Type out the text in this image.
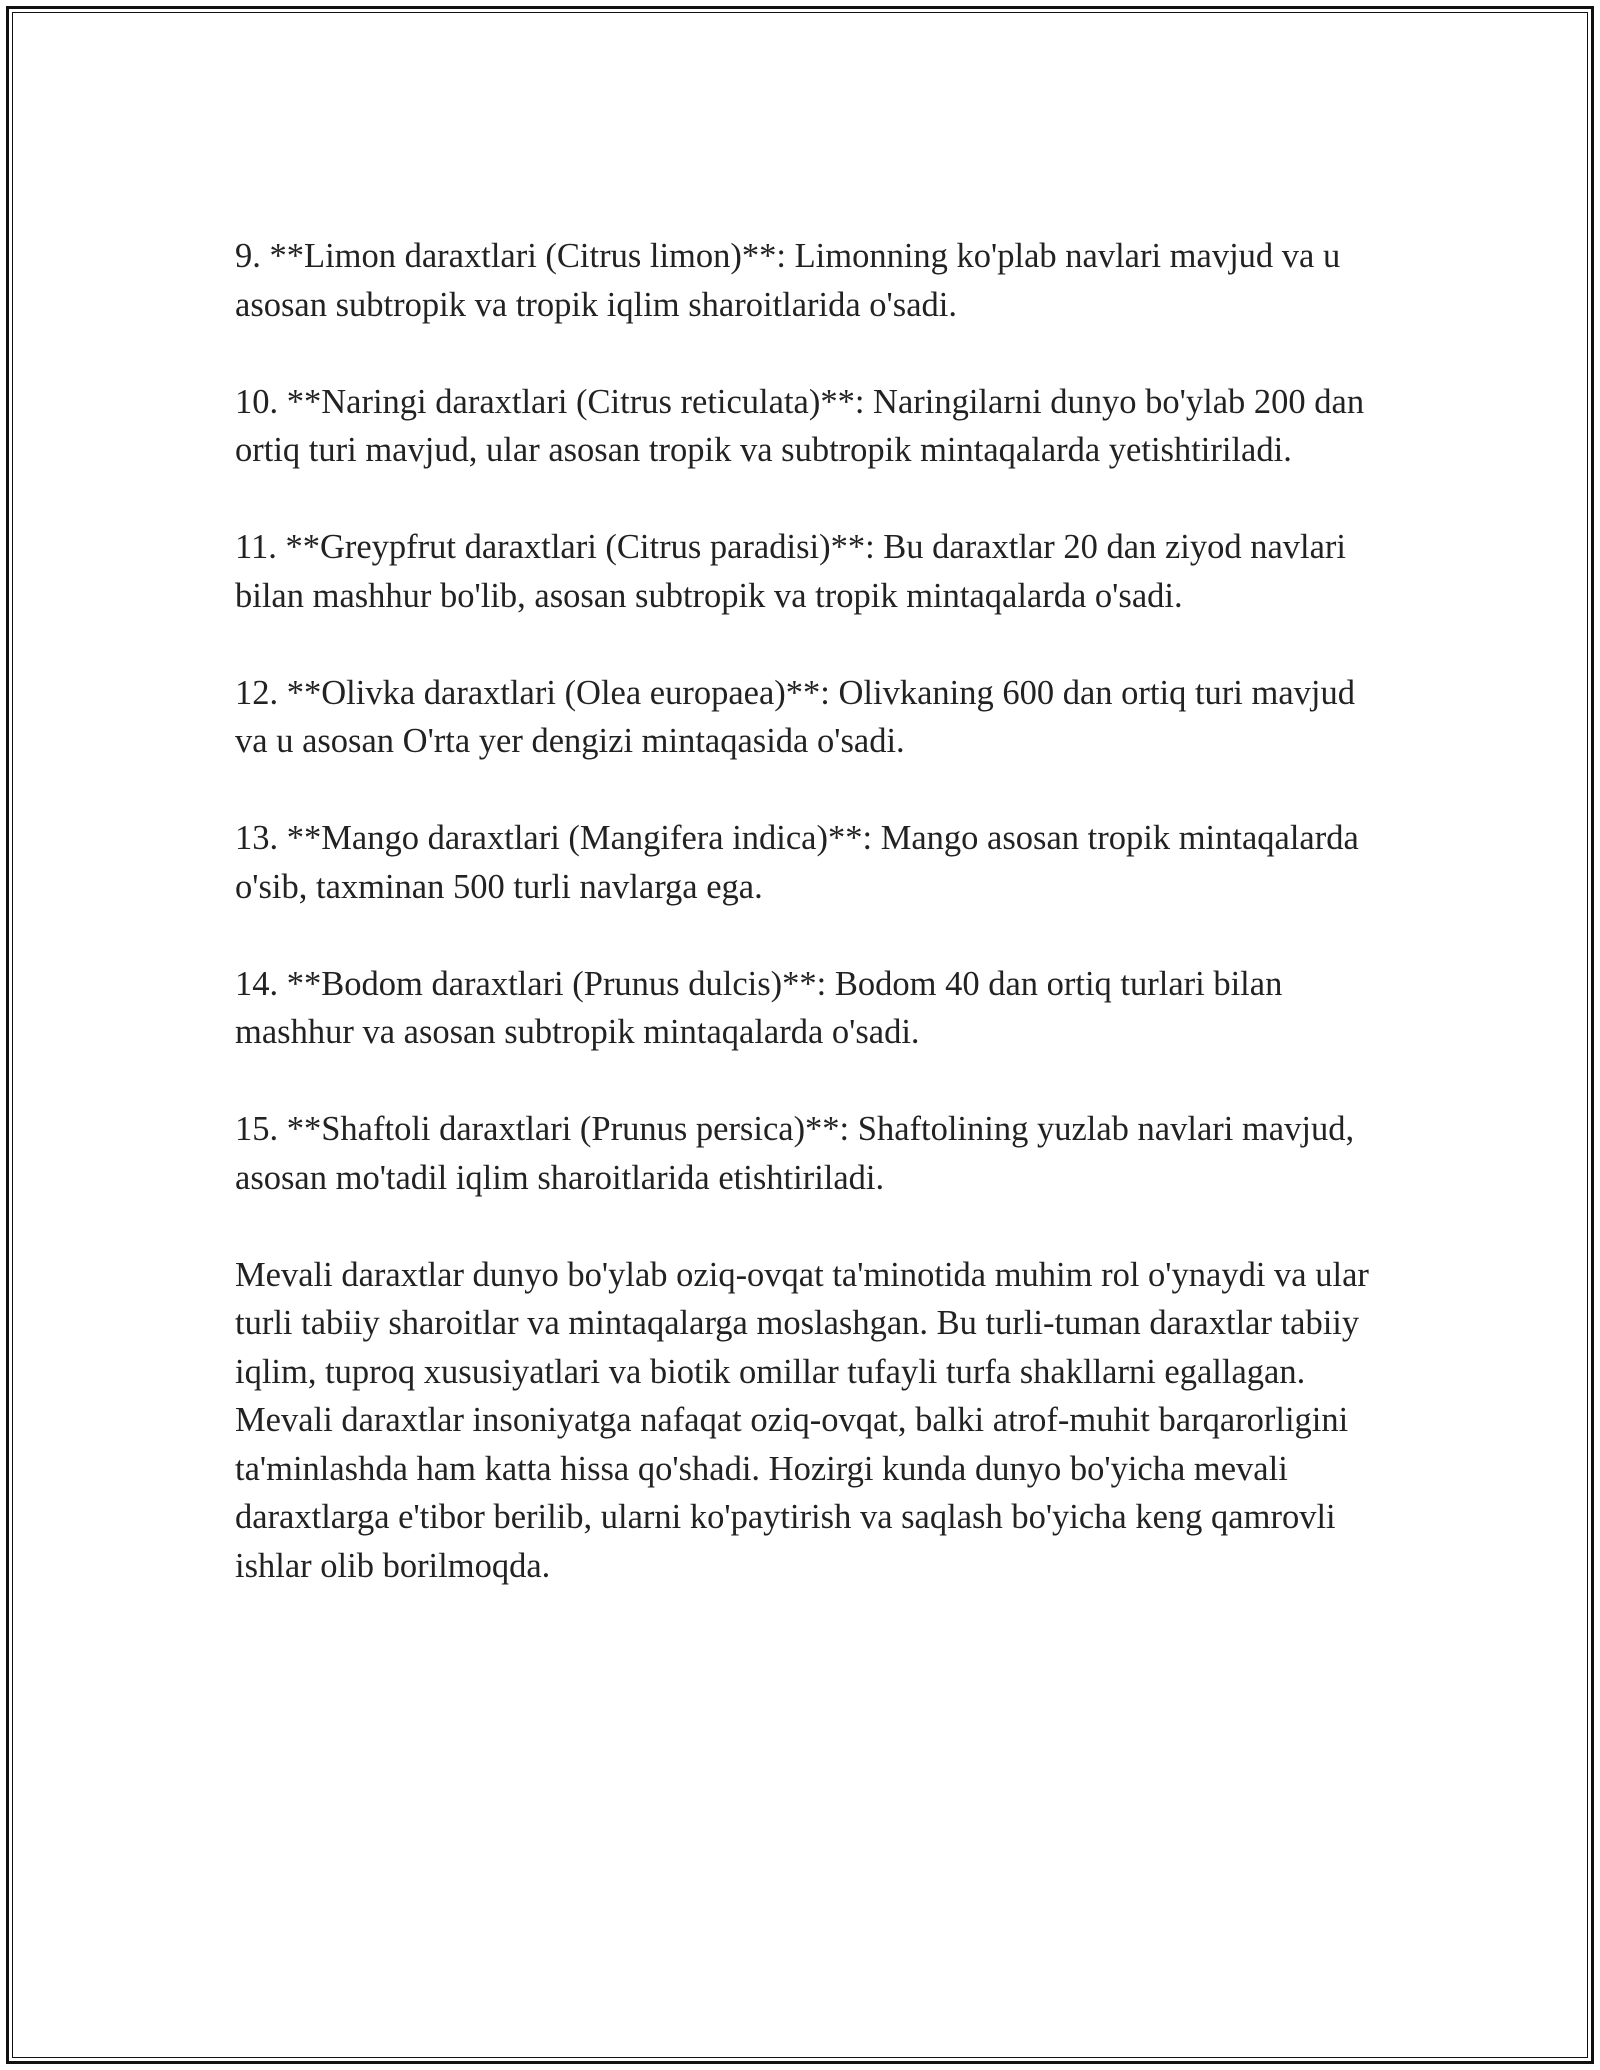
9. **Limon daraxtlari (Citrus limon)**: Limonning ko'plab navlari mavjud va u asosan subtropik va tropik iqlim sharoitlarida o'sadi.

10. **Naringi daraxtlari (Citrus reticulata)**: Naringilarni dunyo bo'ylab 200 dan ortiq turi mavjud, ular asosan tropik va subtropik mintaqalarda yetishtiriladi.

11. **Greypfrut daraxtlari (Citrus paradisi)**: Bu daraxtlar 20 dan ziyod navlari bilan mashhur bo'lib, asosan subtropik va tropik mintaqalarda o'sadi.

12. **Olivka daraxtlari (Olea europaea)**: Olivkaning 600 dan ortiq turi mavjud va u asosan O'rta yer dengizi mintaqasida o'sadi.

13. **Mango daraxtlari (Mangifera indica)**: Mango asosan tropik mintaqalarda o'sib, taxminan 500 turli navlarga ega.

14. **Bodom daraxtlari (Prunus dulcis)**: Bodom 40 dan ortiq turlari bilan mashhur va asosan subtropik mintaqalarda o'sadi.

15. **Shaftoli daraxtlari (Prunus persica)**: Shaftolining yuzlab navlari mavjud, asosan mo'tadil iqlim sharoitlarida etishtiriladi.

Mevali daraxtlar dunyo bo'ylab oziq-ovqat ta'minotida muhim rol o'ynaydi va ular turli tabiiy sharoitlar va mintaqalarga moslashgan. Bu turli-tuman daraxtlar tabiiy iqlim, tuproq xususiyatlari va biotik omillar tufayli turfa shakllarni egallagan. Mevali daraxtlar insoniyatga nafaqat oziq-ovqat, balki atrof-muhit barqarorligini ta'minlashda ham katta hissa qo'shadi. Hozirgi kunda dunyo bo'yicha mevali daraxtlarga e'tibor berilib, ularni ko'paytirish va saqlash bo'yicha keng qamrovli ishlar olib borilmoqda.
